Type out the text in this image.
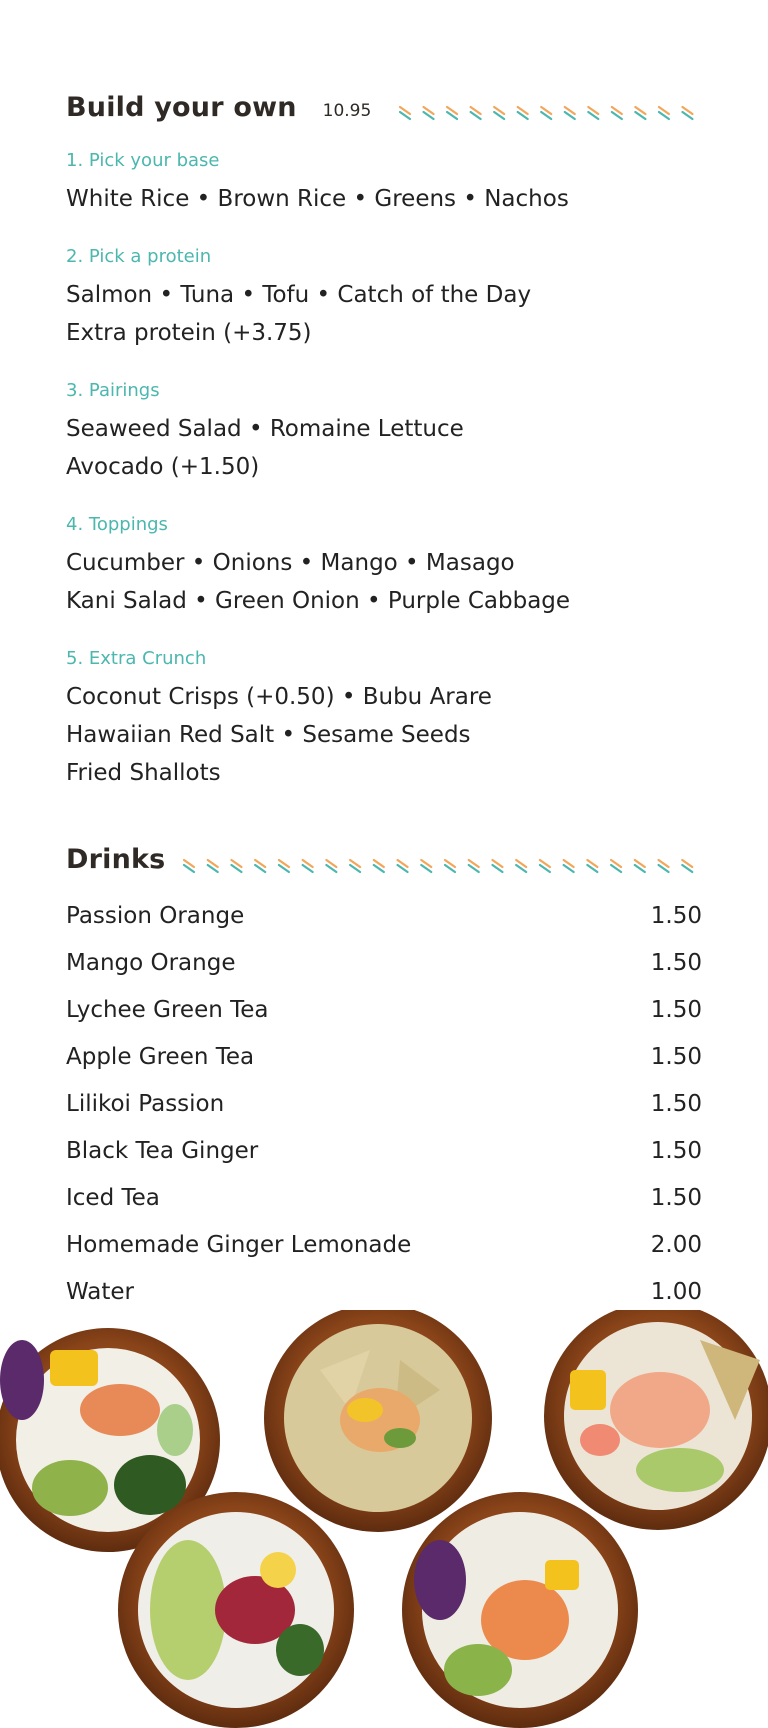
Build your own 10.95

1. Pick your base

White Rice • Brown Rice • Greens • Nachos

2. Pick a protein

Salmon • Tuna • Tofu • Catch of the Day
Extra protein (+3.75)

3. Pairings

Seaweed Salad • Romaine Lettuce
Avocado (+1.50)

4. Toppings

Cucumber • Onions • Mango • Masago
Kani Salad • Green Onion • Purple Cabbage

5. Extra Crunch

Coconut Crisps (+0.50) • Bubu Arare
Hawaiian Red Salt • Sesame Seeds
Fried Shallots
Drinks
Passion Orange	1.50
Mango Orange	1.50
Lychee Green Tea	1.50
Apple Green Tea	1.50
Lilikoi Passion	1.50
Black Tea Ginger	1.50
Iced Tea	1.50
Homemade Ginger Lemonade	2.00
Water	1.00
